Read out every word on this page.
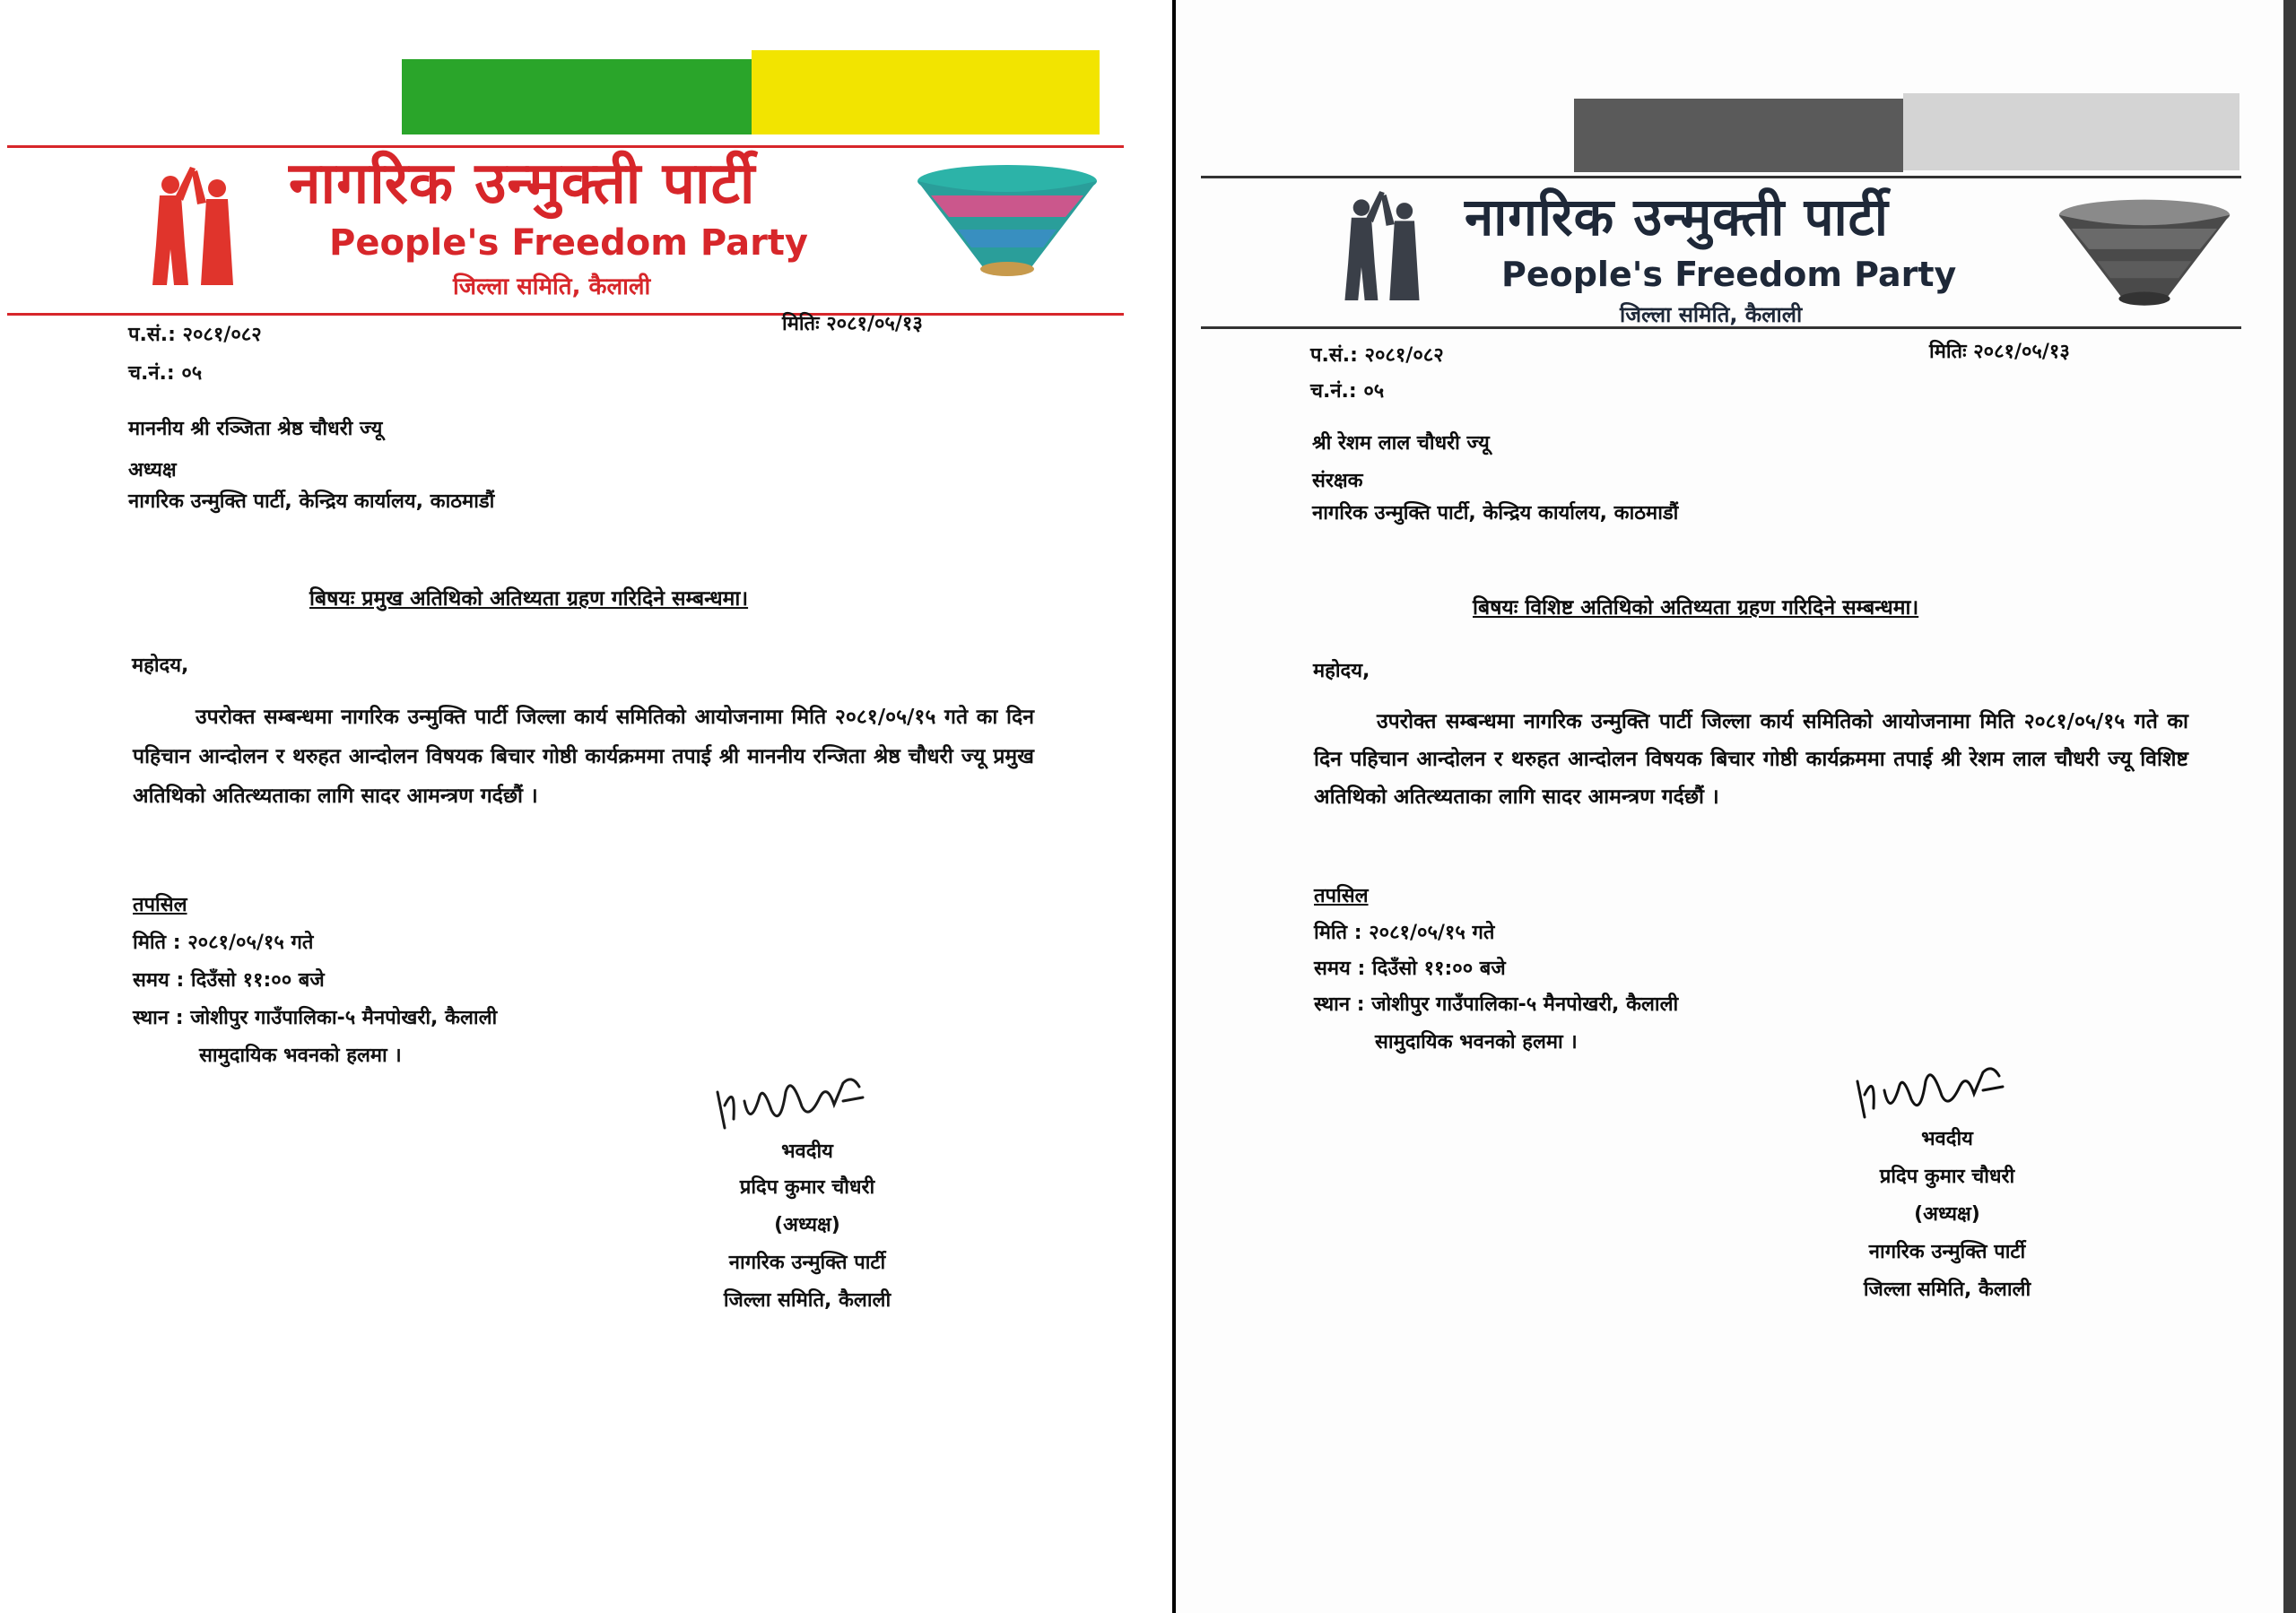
नागरिक उन्मुक्ती पार्टी
People's Freedom Party
जिल्ला समिति, कैलाली
प.सं.: २०८१/०८२	मितिः २०८१/०५/१३
च.नं.: ०५
माननीय श्री रञ्जिता श्रेष्ठ चौधरी ज्यू
अध्यक्ष
नागरिक उन्मुक्ति पार्टी, केन्द्रिय कार्यालय, काठमाडौं
बिषयः प्रमुख अतिथिको अतिथ्यता ग्रहण गरिदिने सम्बन्धमा।
महोदय,
उपरोक्त सम्बन्धमा नागरिक उन्मुक्ति पार्टी जिल्ला कार्य समितिको आयोजनामा मिति २०८१/०५/१५ गते का दिन पहिचान आन्दोलन र थरुहत आन्दोलन विषयक बिचार गोष्ठी कार्यक्रममा तपाई श्री माननीय रन्जिता श्रेष्ठ चौधरी ज्यू प्रमुख अतिथिको अतित्थ्यताका लागि सादर आमन्त्रण गर्दछौं ।
तपसिल
मिति : २०८१/०५/१५ गते
समय : दिउँसो ११:०० बजे
स्थान : जोशीपुर गाउँपालिका-५ मैनपोखरी, कैलाली
सामुदायिक भवनको हलमा ।
भवदीय
प्रदिप कुमार चौधरी
(अध्यक्ष)
नागरिक उन्मुक्ति पार्टी
जिल्ला समिति, कैलाली
नागरिक उन्मुक्ती पार्टी
People's Freedom Party
जिल्ला समिति, कैलाली
प.सं.: २०८१/०८२	मितिः २०८१/०५/१३
च.नं.: ०५
श्री रेशम लाल चौधरी ज्यू
संरक्षक
नागरिक उन्मुक्ति पार्टी, केन्द्रिय कार्यालय, काठमाडौं
बिषयः विशिष्ट अतिथिको अतिथ्यता ग्रहण गरिदिने सम्बन्धमा।
महोदय,
उपरोक्त सम्बन्धमा नागरिक उन्मुक्ति पार्टी जिल्ला कार्य समितिको आयोजनामा मिति २०८१/०५/१५ गते का दिन पहिचान आन्दोलन र थरुहत आन्दोलन विषयक बिचार गोष्ठी कार्यक्रममा तपाई श्री रेशम लाल चौधरी ज्यू विशिष्ट अतिथिको अतित्थ्यताका लागि सादर आमन्त्रण गर्दछौं ।
तपसिल
मिति : २०८१/०५/१५ गते
समय : दिउँसो ११:०० बजे
स्थान : जोशीपुर गाउँपालिका-५ मैनपोखरी, कैलाली
सामुदायिक भवनको हलमा ।
भवदीय
प्रदिप कुमार चौधरी
(अध्यक्ष)
नागरिक उन्मुक्ति पार्टी
जिल्ला समिति, कैलाली
